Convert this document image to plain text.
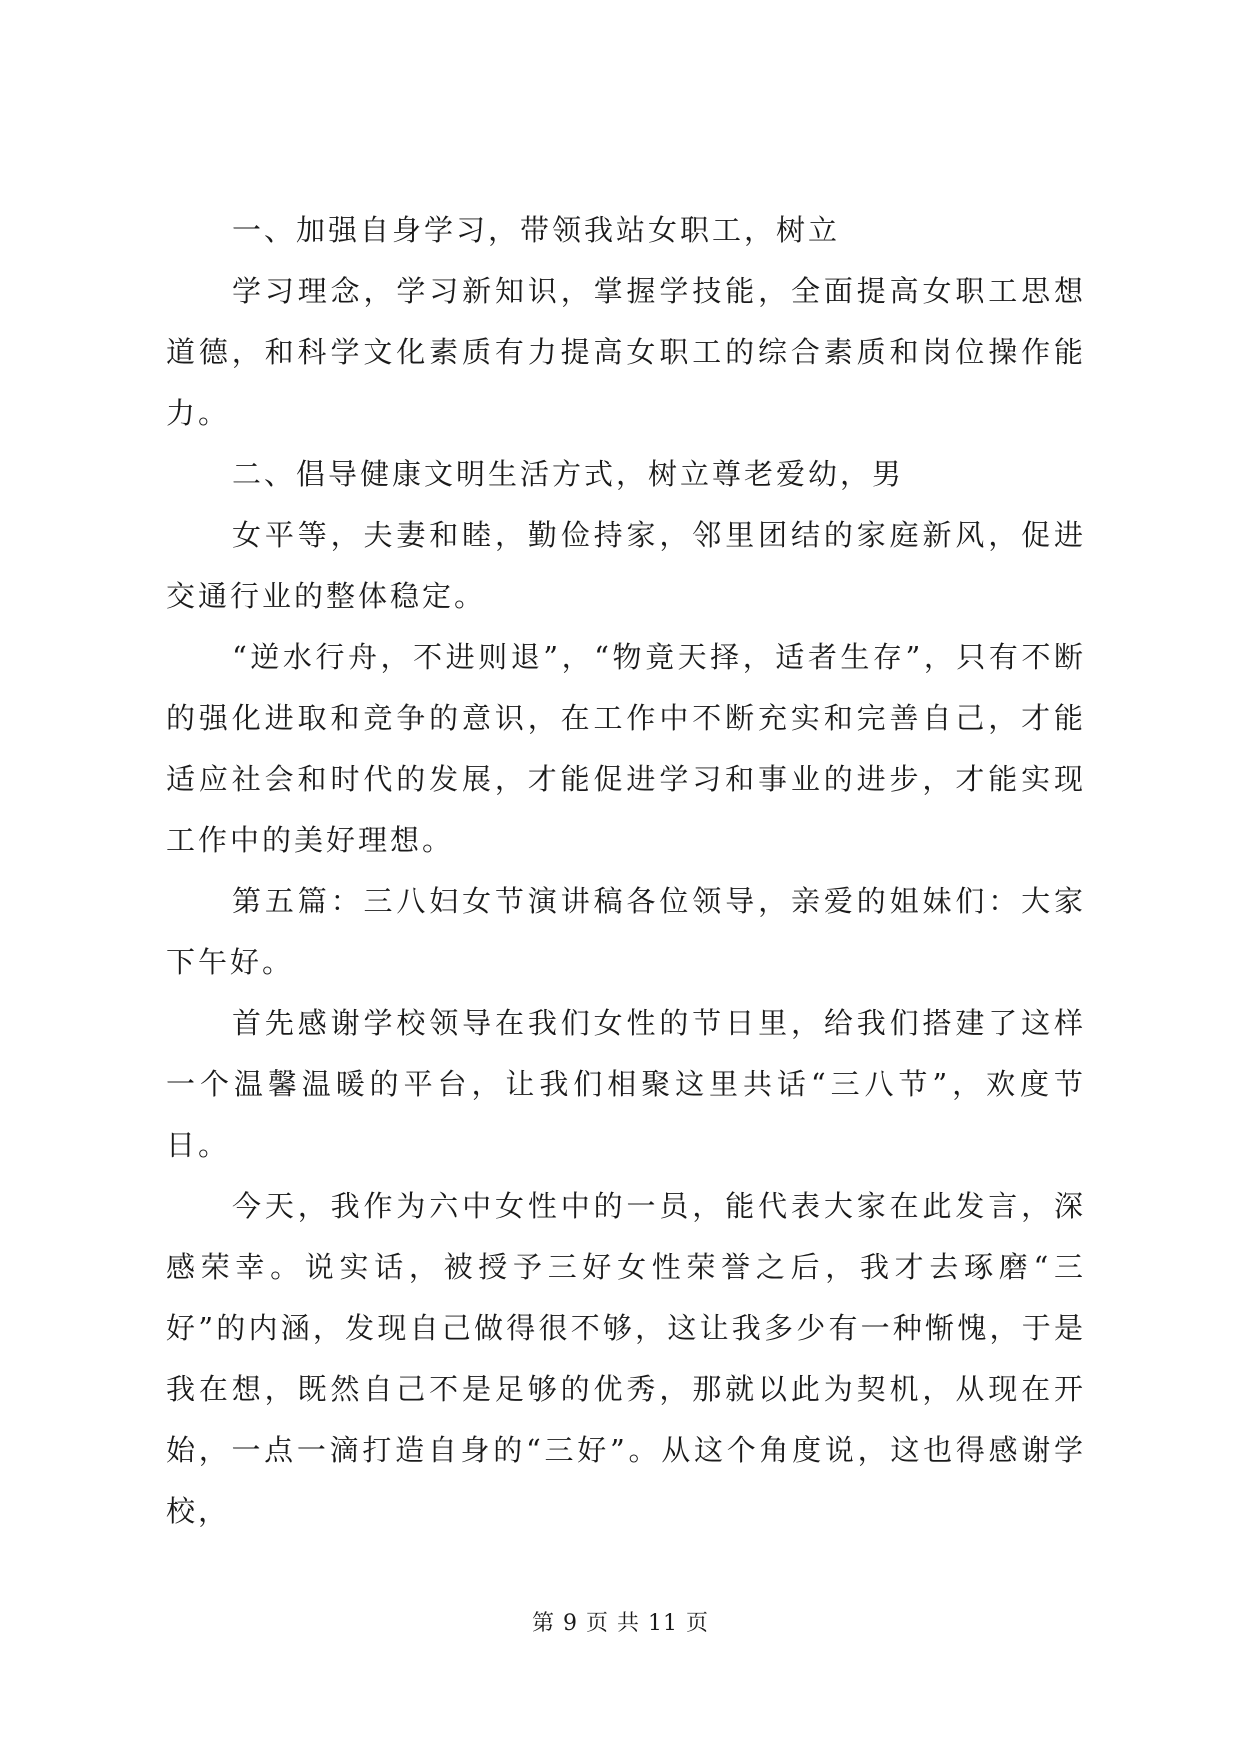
一、加强自身学习，带领我站女职工，树立

学习理念，学习新知识，掌握学技能，全面提高女职工思想道德，和科学文化素质有力提高女职工的综合素质和岗位操作能力。

二、倡导健康文明生活方式，树立尊老爱幼，男

女平等，夫妻和睦，勤俭持家，邻里团结的家庭新风，促进交通行业的整体稳定。

“逆水行舟，不进则退”，“物竟天择，适者生存”，只有不断的强化进取和竞争的意识，在工作中不断充实和完善自己，才能适应社会和时代的发展，才能促进学习和事业的进步，才能实现工作中的美好理想。

第五篇：三八妇女节演讲稿各位领导，亲爱的姐妹们：大家下午好。

首先感谢学校领导在我们女性的节日里，给我们搭建了这样一个温馨温暖的平台，让我们相聚这里共话“三八节”，欢度节日。

今天，我作为六中女性中的一员，能代表大家在此发言，深感荣幸。说实话，被授予三好女性荣誉之后，我才去琢磨“三好”的内涵，发现自己做得很不够，这让我多少有一种惭愧，于是我在想，既然自己不是足够的优秀，那就以此为契机，从现在开始，一点一滴打造自身的“三好”。从这个角度说，这也得感谢学校，

第 9 页 共 11 页
